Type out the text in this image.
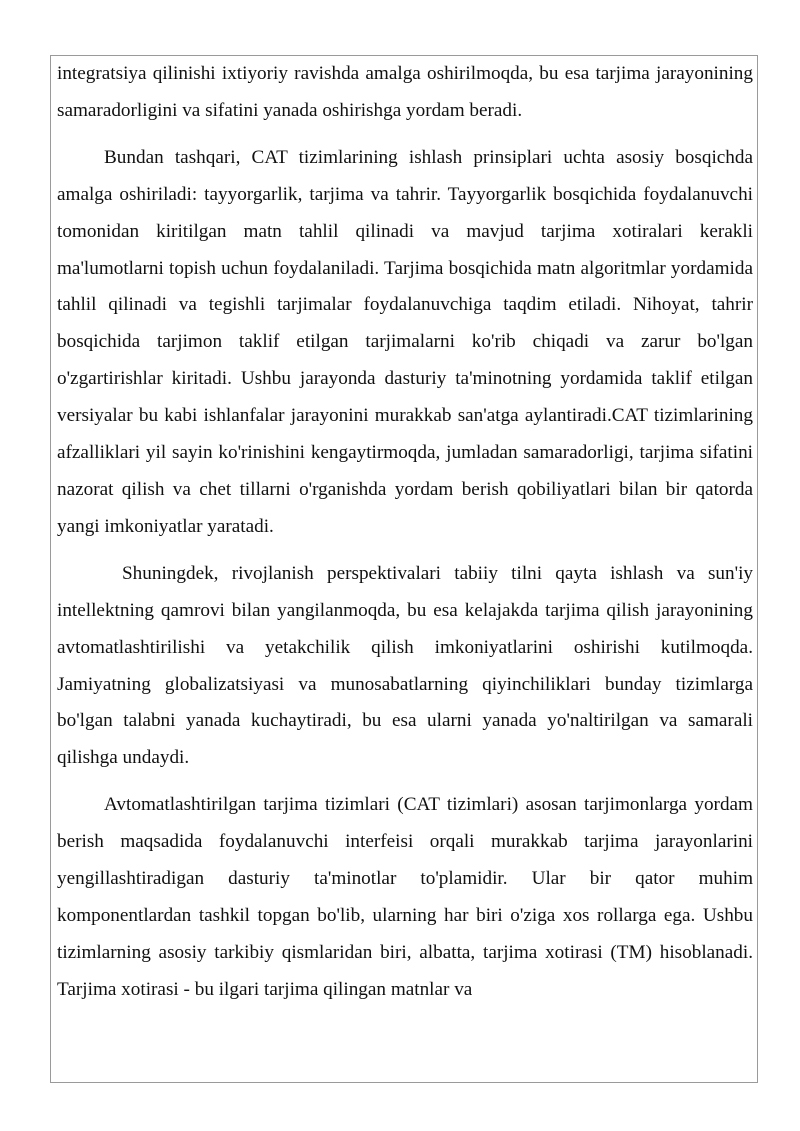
integratsiya qilinishi ixtiyoriy ravishda amalga oshirilmoqda, bu esa tarjima jarayonining samaradorligini va sifatini yanada oshirishga yordam beradi.

Bundan tashqari, CAT tizimlarining ishlash prinsiplari uchta asosiy bosqichda amalga oshiriladi: tayyorgarlik, tarjima va tahrir. Tayyorgarlik bosqichida foydalanuvchi tomonidan kiritilgan matn tahlil qilinadi va mavjud tarjima xotiralari kerakli ma'lumotlarni topish uchun foydalaniladi. Tarjima bosqichida matn algoritmlar yordamida tahlil qilinadi va tegishli tarjimalar foydalanuvchiga taqdim etiladi. Nihoyat, tahrir bosqichida tarjimon taklif etilgan tarjimalarni ko'rib chiqadi va zarur bo'lgan o'zgartirishlar kiritadi. Ushbu jarayonda dasturiy ta'minotning yordamida taklif etilgan versiyalar bu kabi ishlanfalar jarayonini murakkab san'atga aylantiradi.CAT tizimlarining afzalliklari yil sayin ko'rinishini kengaytirmoqda, jumladan samaradorligi, tarjima sifatini nazorat qilish va chet tillarni o'rganishda yordam berish qobiliyatlari bilan bir qatorda yangi imkoniyatlar yaratadi.

Shuningdek, rivojlanish perspektivalari tabiiy tilni qayta ishlash va sun'iy intellektning qamrovi bilan yangilanmoqda, bu esa kelajakda tarjima qilish jarayonining avtomatlashtirilishi va yetakchilik qilish imkoniyatlarini oshirishi kutilmoqda. Jamiyatning globalizatsiyasi va munosabatlarning qiyinchiliklari bunday tizimlarga bo'lgan talabni yanada kuchaytiradi, bu esa ularni yanada yo'naltirilgan va samarali qilishga undaydi.

Avtomatlashtirilgan tarjima tizimlari (CAT tizimlari) asosan tarjimonlarga yordam berish maqsadida foydalanuvchi interfeisi orqali murakkab tarjima jarayonlarini yengillashtiradigan dasturiy ta'minotlar to'plamidir. Ular bir qator muhim komponentlardan tashkil topgan bo'lib, ularning har biri o'ziga xos rollarga ega. Ushbu tizimlarning asosiy tarkibiy qismlaridan biri, albatta, tarjima xotirasi (TM) hisoblanadi. Tarjima xotirasi - bu ilgari tarjima qilingan matnlar va
